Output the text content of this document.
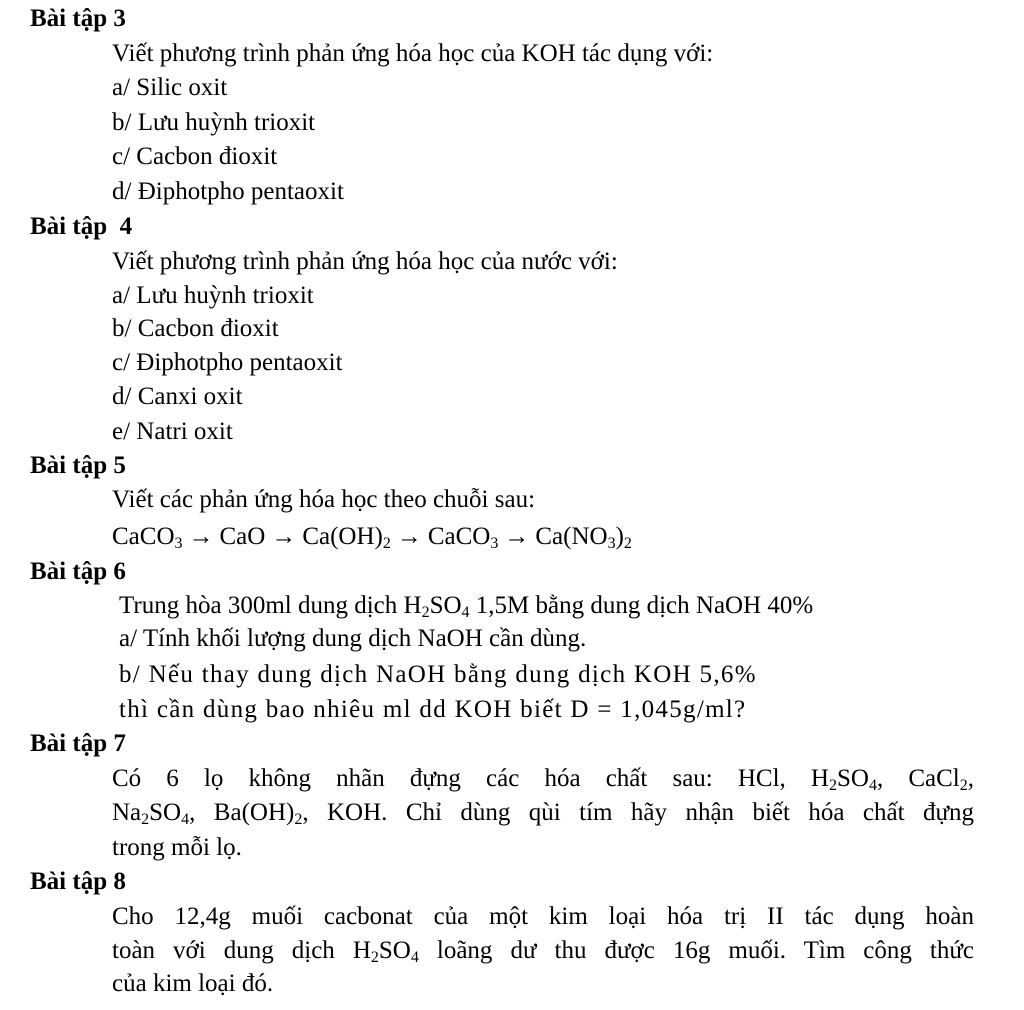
Bài tập 3
Viết phương trình phản ứng hóa học của KOH tác dụng với:
a/ Silic oxit
b/ Lưu huỳnh trioxit
c/ Cacbon đioxit
d/ Điphotpho pentaoxit
Bài tập  4
Viết phương trình phản ứng hóa học của nước với:
a/ Lưu huỳnh trioxit
b/ Cacbon đioxit
c/ Điphotpho pentaoxit
d/ Canxi oxit
e/ Natri oxit
Bài tập 5
Viết các phản ứng hóa học theo chuỗi sau:
CaCO$_3$ → CaO → $Ca(OH)_2$ → CaCO$_3$ → $Ca(NO_3)_2$
Bài tập 6
Trung hòa 300ml dung dịch $H_2SO_4$ 1,5M bằng dung dịch NaOH 40%
a/ Tính khối lượng dung dịch NaOH cần dùng.
b/ Nếu thay dung dịch NaOH bằng dung dịch KOH 5,6%
thì cần dùng bao nhiêu ml dd KOH biết D = 1,045g/ml?
Bài tập 7
Có 6 lọ không nhãn đựng các hóa chất sau: HCl, $H_2SO_4$, CaCl$_2$,
$Na_2SO_4$, $Ba(OH)_2$, KOH. Chỉ dùng qùi tím hãy nhận biết hóa chất đựng
trong mỗi lọ.
Bài tập 8
Cho 12,4g muối cacbonat của một kim loại hóa trị II tác dụng hoàn
toàn với dung dịch $H_2SO_4$ loãng dư thu được 16g muối. Tìm công thức
của kim loại đó.
